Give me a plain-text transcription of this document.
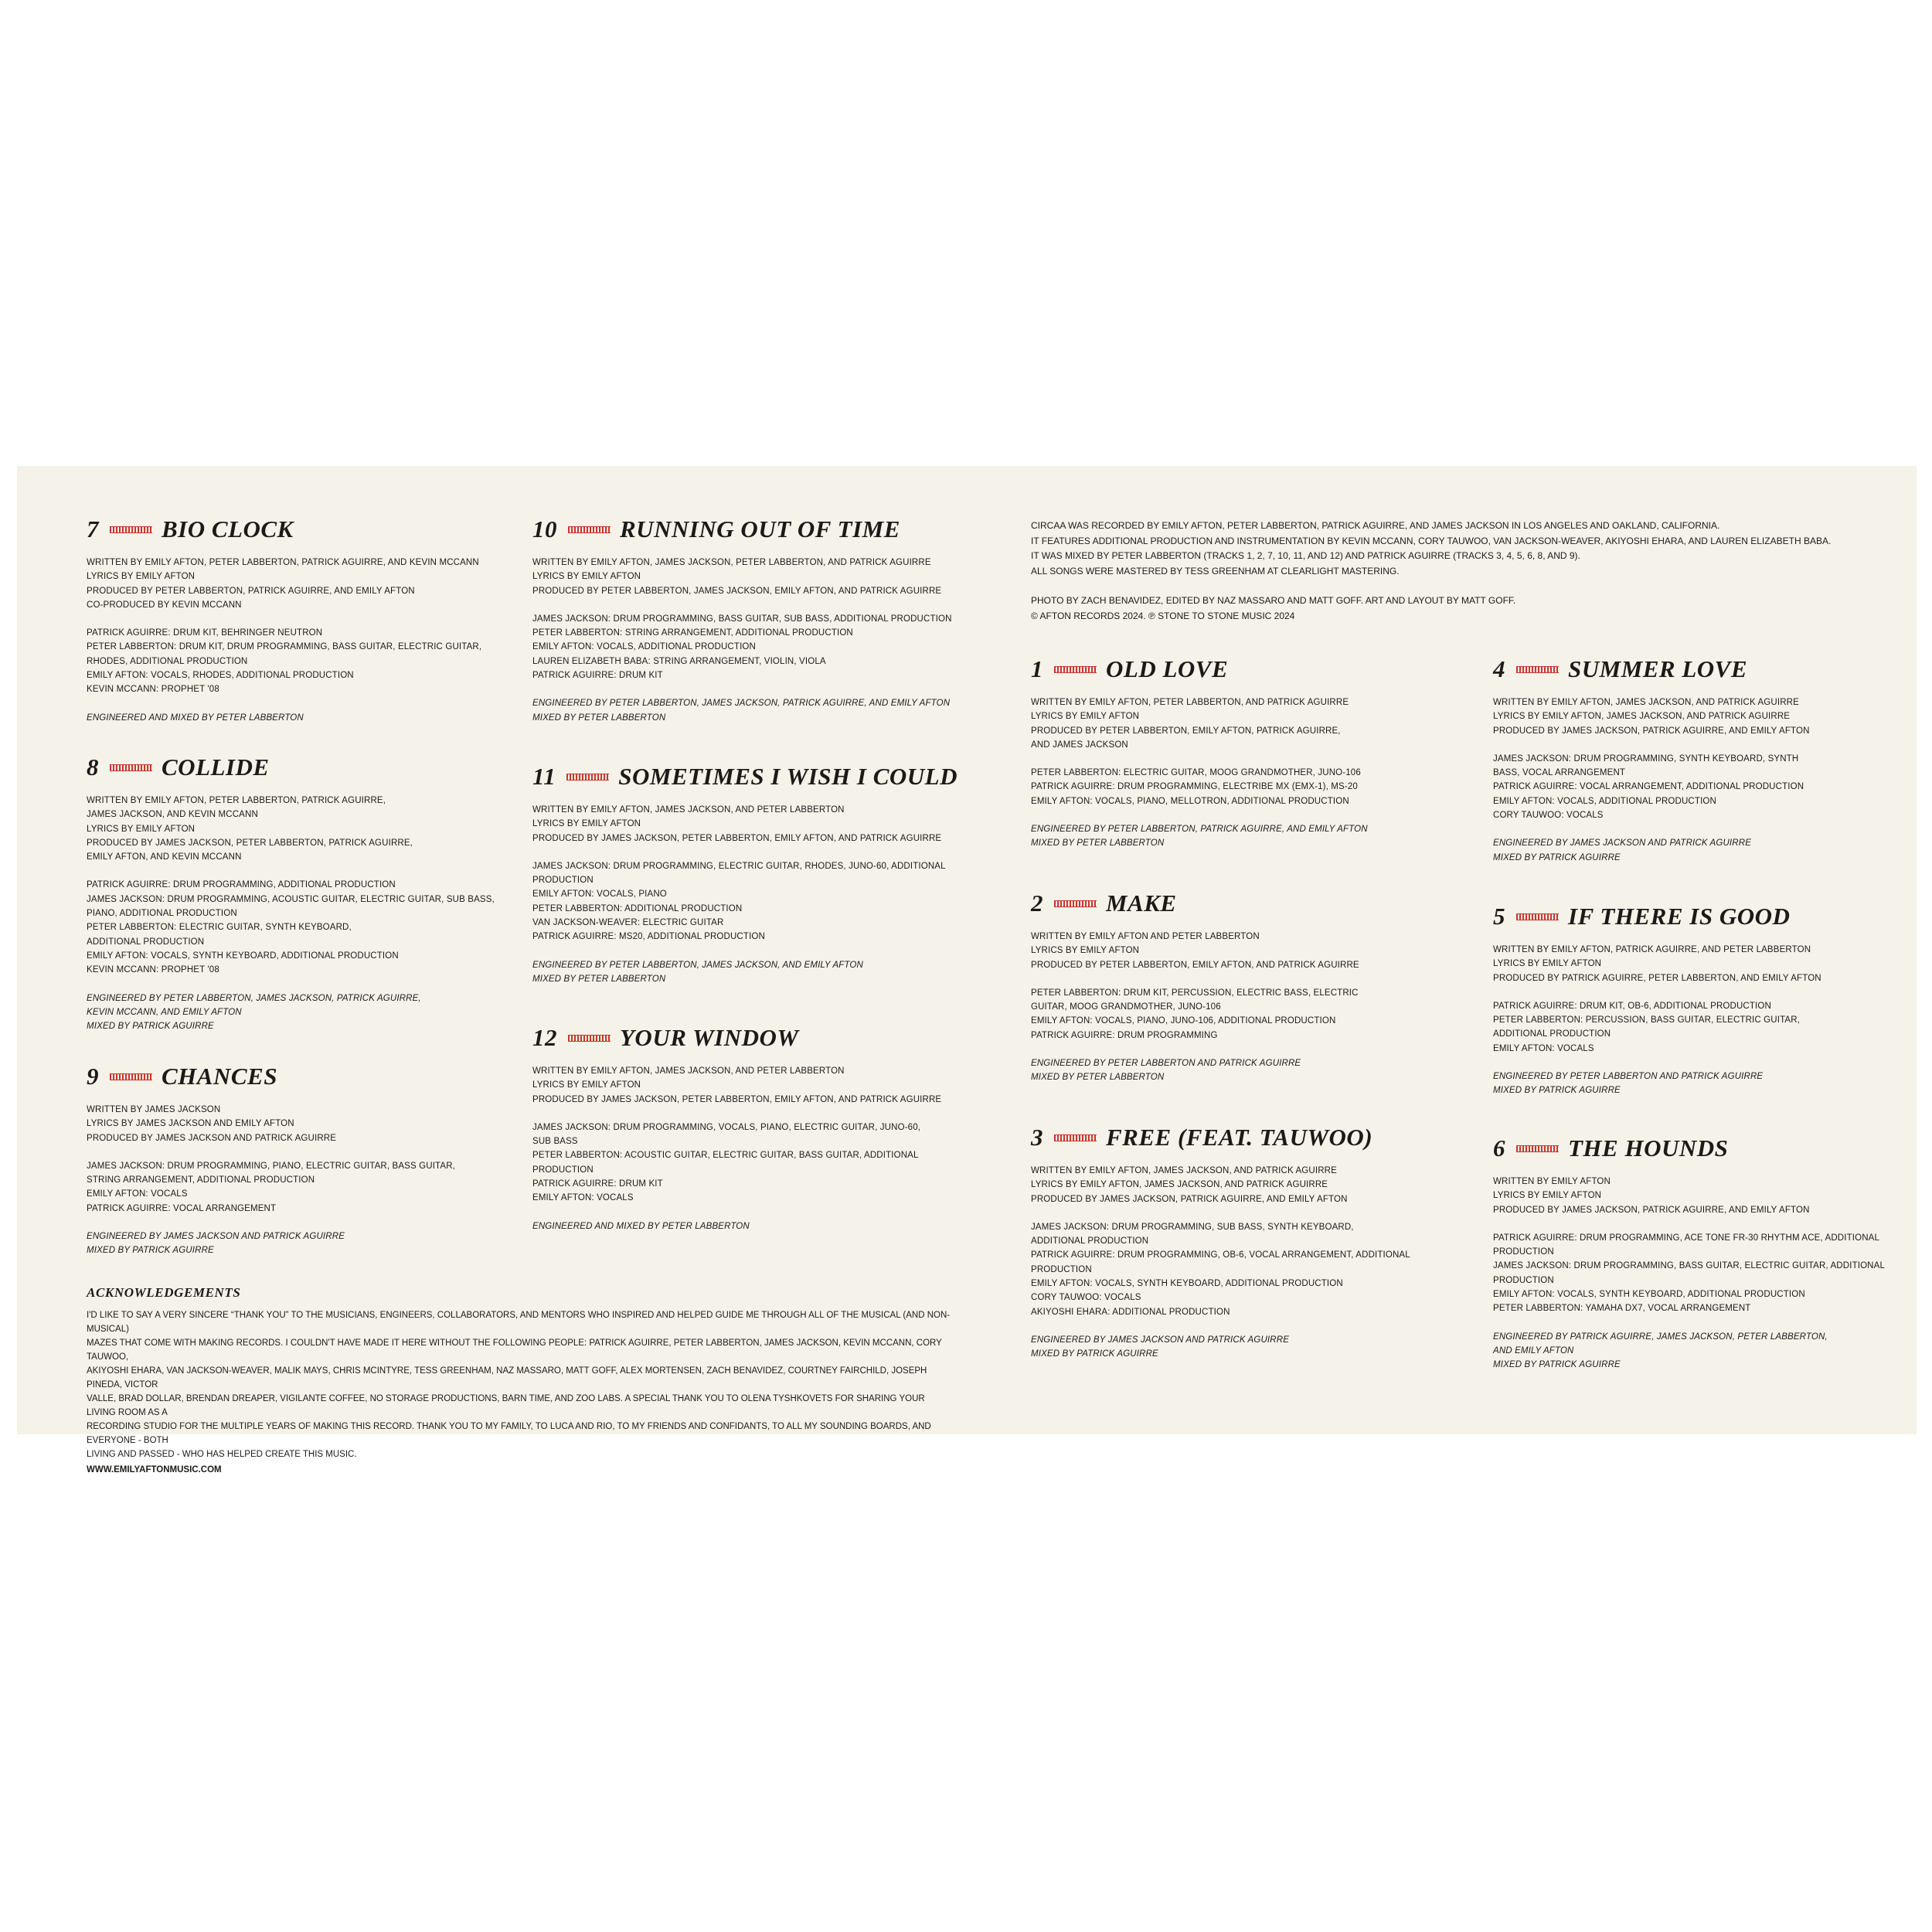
CIRCAA WAS RECORDED BY EMILY AFTON, PETER LABBERTON, PATRICK AGUIRRE, AND JAMES JACKSON IN LOS ANGELES AND OAKLAND, CALIFORNIA.
IT FEATURES ADDITIONAL PRODUCTION AND INSTRUMENTATION BY KEVIN MCCANN, CORY TAUWOO, VAN JACKSON-WEAVER, AKIYOSHI EHARA, AND LAUREN ELIZABETH BABA.
IT WAS MIXED BY PETER LABBERTON (TRACKS 1, 2, 7, 10, 11, AND 12) AND PATRICK AGUIRRE (TRACKS 3, 4, 5, 6, 8, AND 9).
ALL SONGS WERE MASTERED BY TESS GREENHAM AT CLEARLIGHT MASTERING.
PHOTO BY ZACH BENAVIDEZ, EDITED BY NAZ MASSARO AND MATT GOFF. ART AND LAYOUT BY MATT GOFF.
© AFTON RECORDS 2024. ℗ STONE TO STONE MUSIC 2024
7	BIO CLOCK
WRITTEN BY EMILY AFTON, PETER LABBERTON, PATRICK AGUIRRE, AND KEVIN MCCANN
LYRICS BY EMILY AFTON
PRODUCED BY PETER LABBERTON, PATRICK AGUIRRE, AND EMILY AFTON
CO-PRODUCED BY KEVIN MCCANN
PATRICK AGUIRRE: DRUM KIT, BEHRINGER NEUTRON
PETER LABBERTON: DRUM KIT, DRUM PROGRAMMING, BASS GUITAR, ELECTRIC GUITAR,
RHODES, ADDITIONAL PRODUCTION
EMILY AFTON: VOCALS, RHODES, ADDITIONAL PRODUCTION
KEVIN MCCANN: PROPHET '08
ENGINEERED AND MIXED BY PETER LABBERTON
8	COLLIDE
WRITTEN BY EMILY AFTON, PETER LABBERTON, PATRICK AGUIRRE,
JAMES JACKSON, AND KEVIN MCCANN
LYRICS BY EMILY AFTON
PRODUCED BY JAMES JACKSON, PETER LABBERTON, PATRICK AGUIRRE,
EMILY AFTON, AND KEVIN MCCANN
PATRICK AGUIRRE: DRUM PROGRAMMING, ADDITIONAL PRODUCTION
JAMES JACKSON: DRUM PROGRAMMING, ACOUSTIC GUITAR, ELECTRIC GUITAR, SUB BASS,
PIANO, ADDITIONAL PRODUCTION
PETER LABBERTON: ELECTRIC GUITAR, SYNTH KEYBOARD,
ADDITIONAL PRODUCTION
EMILY AFTON: VOCALS, SYNTH KEYBOARD, ADDITIONAL PRODUCTION
KEVIN MCCANN: PROPHET '08
ENGINEERED BY PETER LABBERTON, JAMES JACKSON, PATRICK AGUIRRE,
KEVIN MCCANN, AND EMILY AFTON
MIXED BY PATRICK AGUIRRE
9	CHANCES
WRITTEN BY JAMES JACKSON
LYRICS BY JAMES JACKSON AND EMILY AFTON
PRODUCED BY JAMES JACKSON AND PATRICK AGUIRRE
JAMES JACKSON: DRUM PROGRAMMING, PIANO, ELECTRIC GUITAR, BASS GUITAR,
STRING ARRANGEMENT, ADDITIONAL PRODUCTION
EMILY AFTON: VOCALS
PATRICK AGUIRRE: VOCAL ARRANGEMENT
ENGINEERED BY JAMES JACKSON AND PATRICK AGUIRRE
MIXED BY PATRICK AGUIRRE
10	RUNNING OUT OF TIME
WRITTEN BY EMILY AFTON, JAMES JACKSON, PETER LABBERTON, AND PATRICK AGUIRRE
LYRICS BY EMILY AFTON
PRODUCED BY PETER LABBERTON, JAMES JACKSON, EMILY AFTON, AND PATRICK AGUIRRE
JAMES JACKSON: DRUM PROGRAMMING, BASS GUITAR, SUB BASS, ADDITIONAL PRODUCTION
PETER LABBERTON: STRING ARRANGEMENT, ADDITIONAL PRODUCTION
EMILY AFTON: VOCALS, ADDITIONAL PRODUCTION
LAUREN ELIZABETH BABA: STRING ARRANGEMENT, VIOLIN, VIOLA
PATRICK AGUIRRE: DRUM KIT
ENGINEERED BY PETER LABBERTON, JAMES JACKSON, PATRICK AGUIRRE, AND EMILY AFTON
MIXED BY PETER LABBERTON
11	SOMETIMES I WISH I COULD
WRITTEN BY EMILY AFTON, JAMES JACKSON, AND PETER LABBERTON
LYRICS BY EMILY AFTON
PRODUCED BY JAMES JACKSON, PETER LABBERTON, EMILY AFTON, AND PATRICK AGUIRRE
JAMES JACKSON: DRUM PROGRAMMING, ELECTRIC GUITAR, RHODES, JUNO-60, ADDITIONAL
PRODUCTION
EMILY AFTON: VOCALS, PIANO
PETER LABBERTON: ADDITIONAL PRODUCTION
VAN JACKSON-WEAVER: ELECTRIC GUITAR
PATRICK AGUIRRE: MS20, ADDITIONAL PRODUCTION
ENGINEERED BY PETER LABBERTON, JAMES JACKSON, AND EMILY AFTON
MIXED BY PETER LABBERTON
12	YOUR WINDOW
WRITTEN BY EMILY AFTON, JAMES JACKSON, AND PETER LABBERTON
LYRICS BY EMILY AFTON
PRODUCED BY JAMES JACKSON, PETER LABBERTON, EMILY AFTON, AND PATRICK AGUIRRE
JAMES JACKSON: DRUM PROGRAMMING, VOCALS, PIANO, ELECTRIC GUITAR, JUNO-60,
SUB BASS
PETER LABBERTON: ACOUSTIC GUITAR, ELECTRIC GUITAR, BASS GUITAR, ADDITIONAL
PRODUCTION
PATRICK AGUIRRE: DRUM KIT
EMILY AFTON: VOCALS
ENGINEERED AND MIXED BY PETER LABBERTON
1	OLD LOVE
WRITTEN BY EMILY AFTON, PETER LABBERTON, AND PATRICK AGUIRRE
LYRICS BY EMILY AFTON
PRODUCED BY PETER LABBERTON, EMILY AFTON, PATRICK AGUIRRE,
AND JAMES JACKSON
PETER LABBERTON: ELECTRIC GUITAR, MOOG GRANDMOTHER, JUNO-106
PATRICK AGUIRRE: DRUM PROGRAMMING, ELECTRIBE MX (EMX-1), MS-20
EMILY AFTON: VOCALS, PIANO, MELLOTRON, ADDITIONAL PRODUCTION
ENGINEERED BY PETER LABBERTON, PATRICK AGUIRRE, AND EMILY AFTON
MIXED BY PETER LABBERTON
2	MAKE
WRITTEN BY EMILY AFTON AND PETER LABBERTON
LYRICS BY EMILY AFTON
PRODUCED BY PETER LABBERTON, EMILY AFTON, AND PATRICK AGUIRRE
PETER LABBERTON: DRUM KIT, PERCUSSION, ELECTRIC BASS, ELECTRIC
GUITAR, MOOG GRANDMOTHER, JUNO-106
EMILY AFTON: VOCALS, PIANO, JUNO-106, ADDITIONAL PRODUCTION
PATRICK AGUIRRE: DRUM PROGRAMMING
ENGINEERED BY PETER LABBERTON AND PATRICK AGUIRRE
MIXED BY PETER LABBERTON
3	FREE (FEAT. TAUWOO)
WRITTEN BY EMILY AFTON, JAMES JACKSON, AND PATRICK AGUIRRE
LYRICS BY EMILY AFTON, JAMES JACKSON, AND PATRICK AGUIRRE
PRODUCED BY JAMES JACKSON, PATRICK AGUIRRE, AND EMILY AFTON
JAMES JACKSON: DRUM PROGRAMMING, SUB BASS, SYNTH KEYBOARD,
ADDITIONAL PRODUCTION
PATRICK AGUIRRE: DRUM PROGRAMMING, OB-6, VOCAL ARRANGEMENT, ADDITIONAL
PRODUCTION
EMILY AFTON: VOCALS, SYNTH KEYBOARD, ADDITIONAL PRODUCTION
CORY TAUWOO: VOCALS
AKIYOSHI EHARA: ADDITIONAL PRODUCTION
ENGINEERED BY JAMES JACKSON AND PATRICK AGUIRRE
MIXED BY PATRICK AGUIRRE
4	SUMMER LOVE
WRITTEN BY EMILY AFTON, JAMES JACKSON, AND PATRICK AGUIRRE
LYRICS BY EMILY AFTON, JAMES JACKSON, AND PATRICK AGUIRRE
PRODUCED BY JAMES JACKSON, PATRICK AGUIRRE, AND EMILY AFTON
JAMES JACKSON: DRUM PROGRAMMING, SYNTH KEYBOARD, SYNTH
BASS, VOCAL ARRANGEMENT
PATRICK AGUIRRE: VOCAL ARRANGEMENT, ADDITIONAL PRODUCTION
EMILY AFTON: VOCALS, ADDITIONAL PRODUCTION
CORY TAUWOO: VOCALS
ENGINEERED BY JAMES JACKSON AND PATRICK AGUIRRE
MIXED BY PATRICK AGUIRRE
5	IF THERE IS GOOD
WRITTEN BY EMILY AFTON, PATRICK AGUIRRE, AND PETER LABBERTON
LYRICS BY EMILY AFTON
PRODUCED BY PATRICK AGUIRRE, PETER LABBERTON, AND EMILY AFTON
PATRICK AGUIRRE: DRUM KIT, OB-6, ADDITIONAL PRODUCTION
PETER LABBERTON: PERCUSSION, BASS GUITAR, ELECTRIC GUITAR,
ADDITIONAL PRODUCTION
EMILY AFTON: VOCALS
ENGINEERED BY PETER LABBERTON AND PATRICK AGUIRRE
MIXED BY PATRICK AGUIRRE
6	THE HOUNDS
WRITTEN BY EMILY AFTON
LYRICS BY EMILY AFTON
PRODUCED BY JAMES JACKSON, PATRICK AGUIRRE, AND EMILY AFTON
PATRICK AGUIRRE: DRUM PROGRAMMING, ACE TONE FR-30 RHYTHM ACE, ADDITIONAL
PRODUCTION
JAMES JACKSON: DRUM PROGRAMMING, BASS GUITAR, ELECTRIC GUITAR, ADDITIONAL
PRODUCTION
EMILY AFTON: VOCALS, SYNTH KEYBOARD, ADDITIONAL PRODUCTION
PETER LABBERTON: YAMAHA DX7, VOCAL ARRANGEMENT
ENGINEERED BY PATRICK AGUIRRE, JAMES JACKSON, PETER LABBERTON,
AND EMILY AFTON
MIXED BY PATRICK AGUIRRE
ACKNOWLEDGEMENTS
I'D LIKE TO SAY A VERY SINCERE “THANK YOU” TO THE MUSICIANS, ENGINEERS, COLLABORATORS, AND MENTORS WHO INSPIRED AND HELPED GUIDE ME THROUGH ALL OF THE MUSICAL (AND NON-MUSICAL)
MAZES THAT COME WITH MAKING RECORDS. I COULDN'T HAVE MADE IT HERE WITHOUT THE FOLLOWING PEOPLE: PATRICK AGUIRRE, PETER LABBERTON, JAMES JACKSON, KEVIN MCCANN, CORY TAUWOO,
AKIYOSHI EHARA, VAN JACKSON-WEAVER, MALIK MAYS, CHRIS MCINTYRE, TESS GREENHAM, NAZ MASSARO, MATT GOFF, ALEX MORTENSEN, ZACH BENAVIDEZ, COURTNEY FAIRCHILD, JOSEPH PINEDA, VICTOR
VALLE, BRAD DOLLAR, BRENDAN DREAPER, VIGILANTE COFFEE, NO STORAGE PRODUCTIONS, BARN TIME, AND ZOO LABS. A SPECIAL THANK YOU TO OLENA TYSHKOVETS FOR SHARING YOUR LIVING ROOM AS A
RECORDING STUDIO FOR THE MULTIPLE YEARS OF MAKING THIS RECORD. THANK YOU TO MY FAMILY, TO LUCA AND RIO, TO MY FRIENDS AND CONFIDANTS, TO ALL MY SOUNDING BOARDS, AND EVERYONE - BOTH
LIVING AND PASSED - WHO HAS HELPED CREATE THIS MUSIC.
WWW.EMILYAFTONMUSIC.COM
